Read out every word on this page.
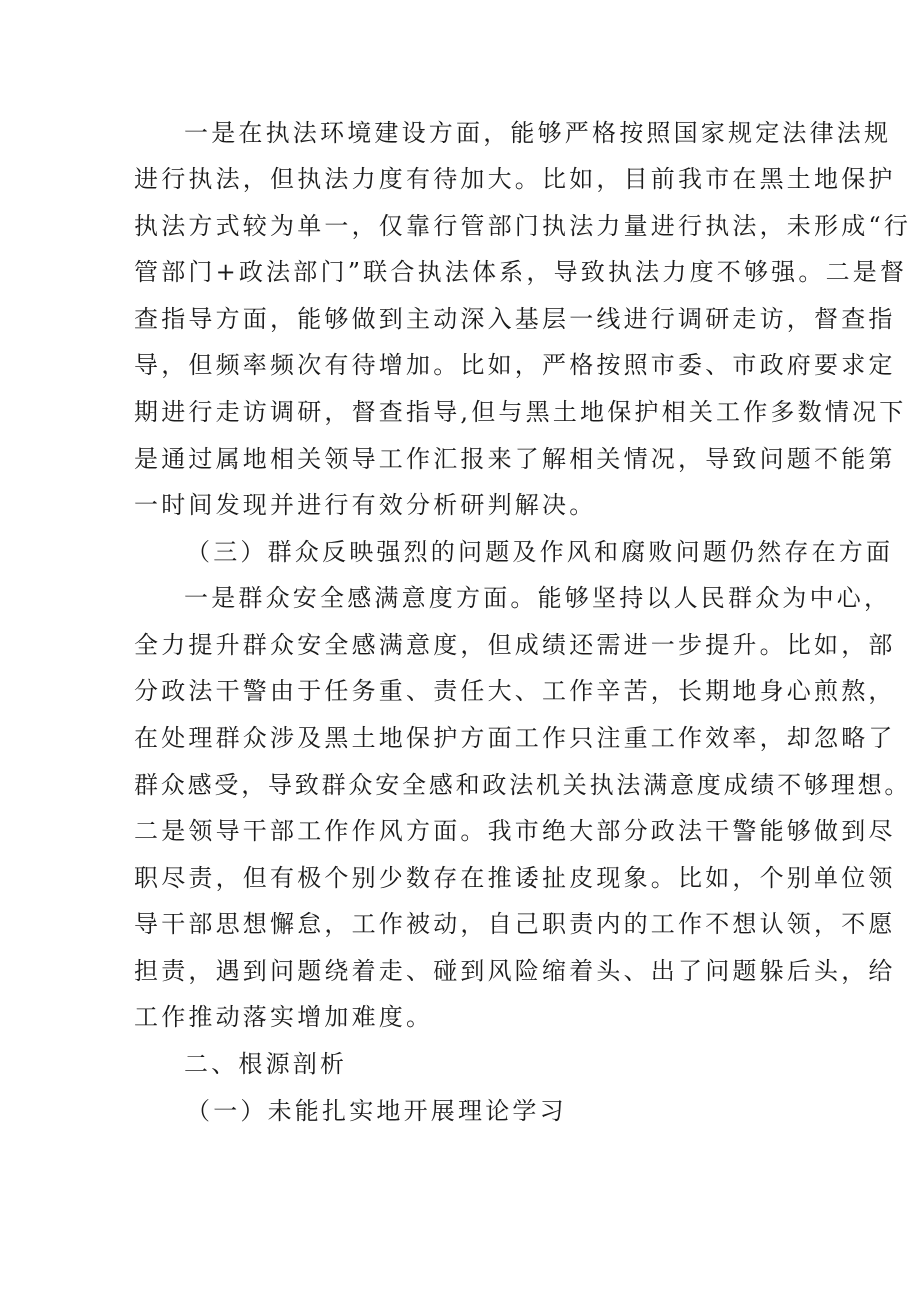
一是在执法环境建设方面，能够严格按照国家规定法律法规
进行执法，但执法力度有待加大。比如，目前我市在黑土地保护
执法方式较为单一，仅靠行管部门执法力量进行执法，未形成“行
管部门+政法部门”联合执法体系，导致执法力度不够强。二是督
查指导方面，能够做到主动深入基层一线进行调研走访，督查指
导，但频率频次有待增加。比如，严格按照市委、市政府要求定
期进行走访调研，督查指导,但与黑土地保护相关工作多数情况下
是通过属地相关领导工作汇报来了解相关情况，导致问题不能第
一时间发现并进行有效分析研判解决。
（三）群众反映强烈的问题及作风和腐败问题仍然存在方面
一是群众安全感满意度方面。能够坚持以人民群众为中心，
全力提升群众安全感满意度，但成绩还需进一步提升。比如，部
分政法干警由于任务重、责任大、工作辛苦，长期地身心煎熬，
在处理群众涉及黑土地保护方面工作只注重工作效率，却忽略了
群众感受，导致群众安全感和政法机关执法满意度成绩不够理想。
二是领导干部工作作风方面。我市绝大部分政法干警能够做到尽
职尽责，但有极个别少数存在推诿扯皮现象。比如，个别单位领
导干部思想懈怠，工作被动，自己职责内的工作不想认领，不愿
担责，遇到问题绕着走、碰到风险缩着头、出了问题躲后头，给
工作推动落实增加难度。
二、根源剖析
（一）未能扎实地开展理论学习
